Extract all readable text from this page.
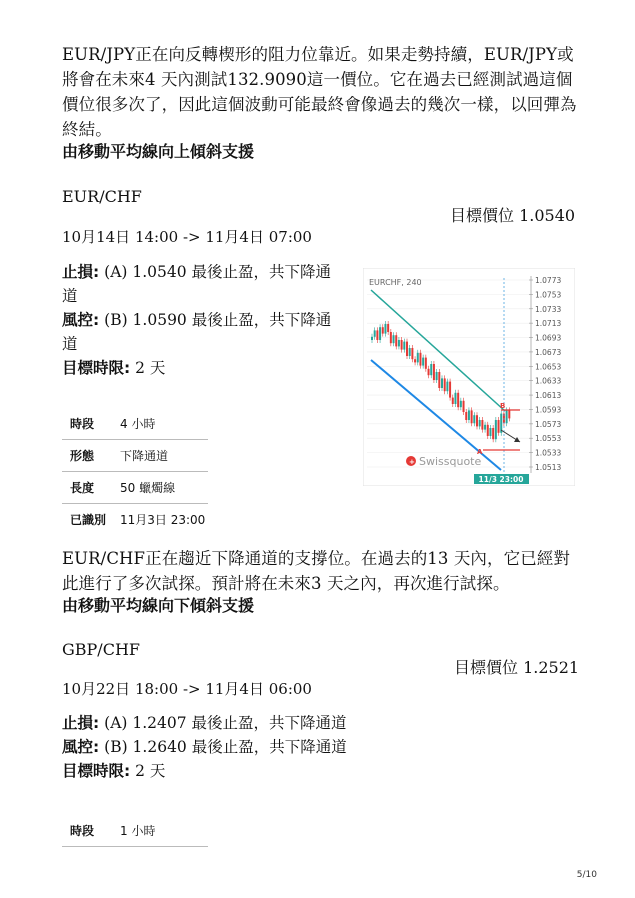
EUR/JPY正在向反轉楔形的阻力位靠近。如果走勢持續，EUR/JPY或將會在未來4 天內測試132.9090這一價位。它在過去已經測試過這個價位很多次了，因此這個波動可能最終會像過去的幾次一樣，以回彈為終結。
由移動平均線向上傾斜支援
EUR/CHF
目標價位 1.0540
10月14日 14:00 -> 11月4日 07:00
止損: (A) 1.0540 最後止盈，共下降通道
風控: (B) 1.0590 最後止盈，共下降通道
目標時限: 2 天
時段	4 小時
形態	下降通道
長度	50 蠟燭線
已識別	11月3日 23:00
EURCHF, 240
B
A
+ Swissquote
1.0773
1.0753
1.0733
1.0713
1.0693
1.0673
1.0653
1.0633
1.0613
1.0593
1.0573
1.0553
1.0533
1.0513
11/3 23:00
EUR/CHF正在趨近下降通道的支撐位。在過去的13 天內，它已經對此進行了多次試探。預計將在未來3 天之內，再次進行試探。
由移動平均線向下傾斜支援
GBP/CHF
目標價位 1.2521
10月22日 18:00 -> 11月4日 06:00
止損: (A) 1.2407 最後止盈，共下降通道
風控: (B) 1.2640 最後止盈，共下降通道
目標時限: 2 天
時段	1 小時
5/10
